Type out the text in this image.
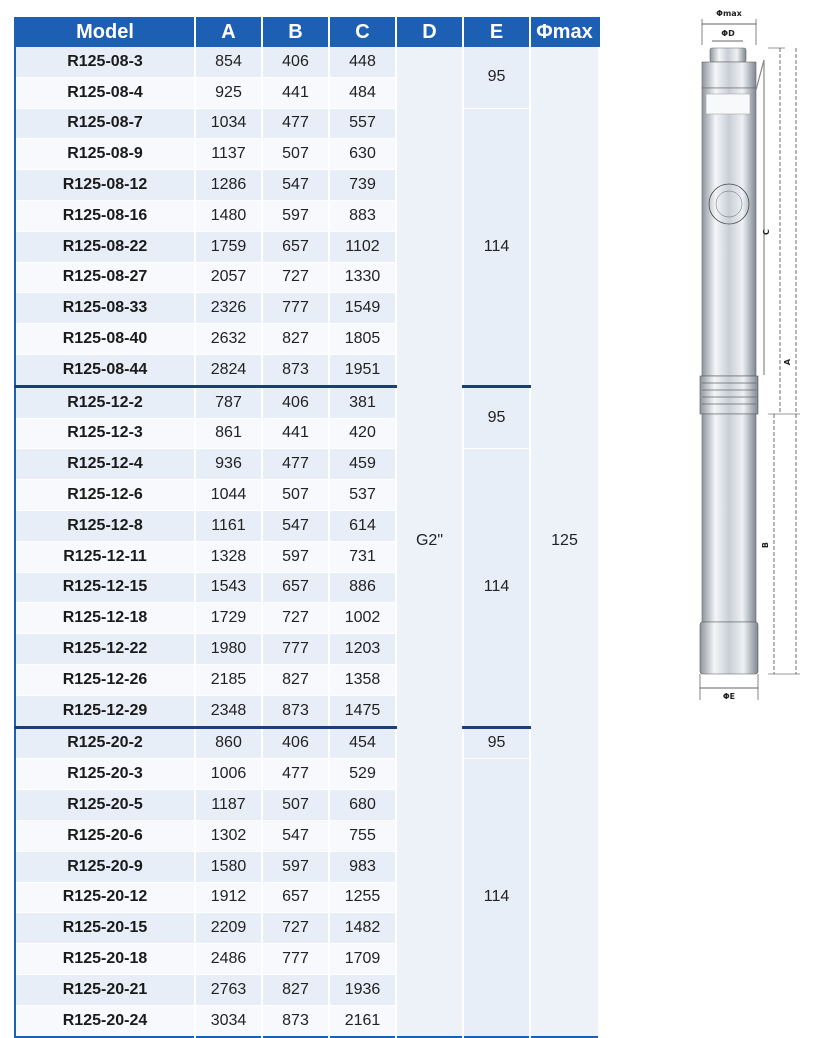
Model	A	B	C	D	E	Φmax
R125-08-3	854	406	448	G2"	95	125
R125-08-4	925	441	484			
R125-08-7	1034	477	557		114	
R125-08-9	1137	507	630			
R125-08-12	1286	547	739			
R125-08-16	1480	597	883			
R125-08-22	1759	657	1102			
R125-08-27	2057	727	1330			
R125-08-33	2326	777	1549			
R125-08-40	2632	827	1805			
R125-08-44	2824	873	1951			
R125-12-2	787	406	381		95	
R125-12-3	861	441	420			
R125-12-4	936	477	459		114	
R125-12-6	1044	507	537			
R125-12-8	1161	547	614			
R125-12-11	1328	597	731			
R125-12-15	1543	657	886			
R125-12-18	1729	727	1002			
R125-12-22	1980	777	1203			
R125-12-26	2185	827	1358			
R125-12-29	2348	873	1475			
R125-20-2	860	406	454		95	
R125-20-3	1006	477	529		114	
R125-20-5	1187	507	680			
R125-20-6	1302	547	755			
R125-20-9	1580	597	983			
R125-20-12	1912	657	1255			
R125-20-15	2209	727	1482			
R125-20-18	2486	777	1709			
R125-20-21	2763	827	1936			
R125-20-24	3034	873	2161			
Φmax
ΦD
ΦE
C
B
A
